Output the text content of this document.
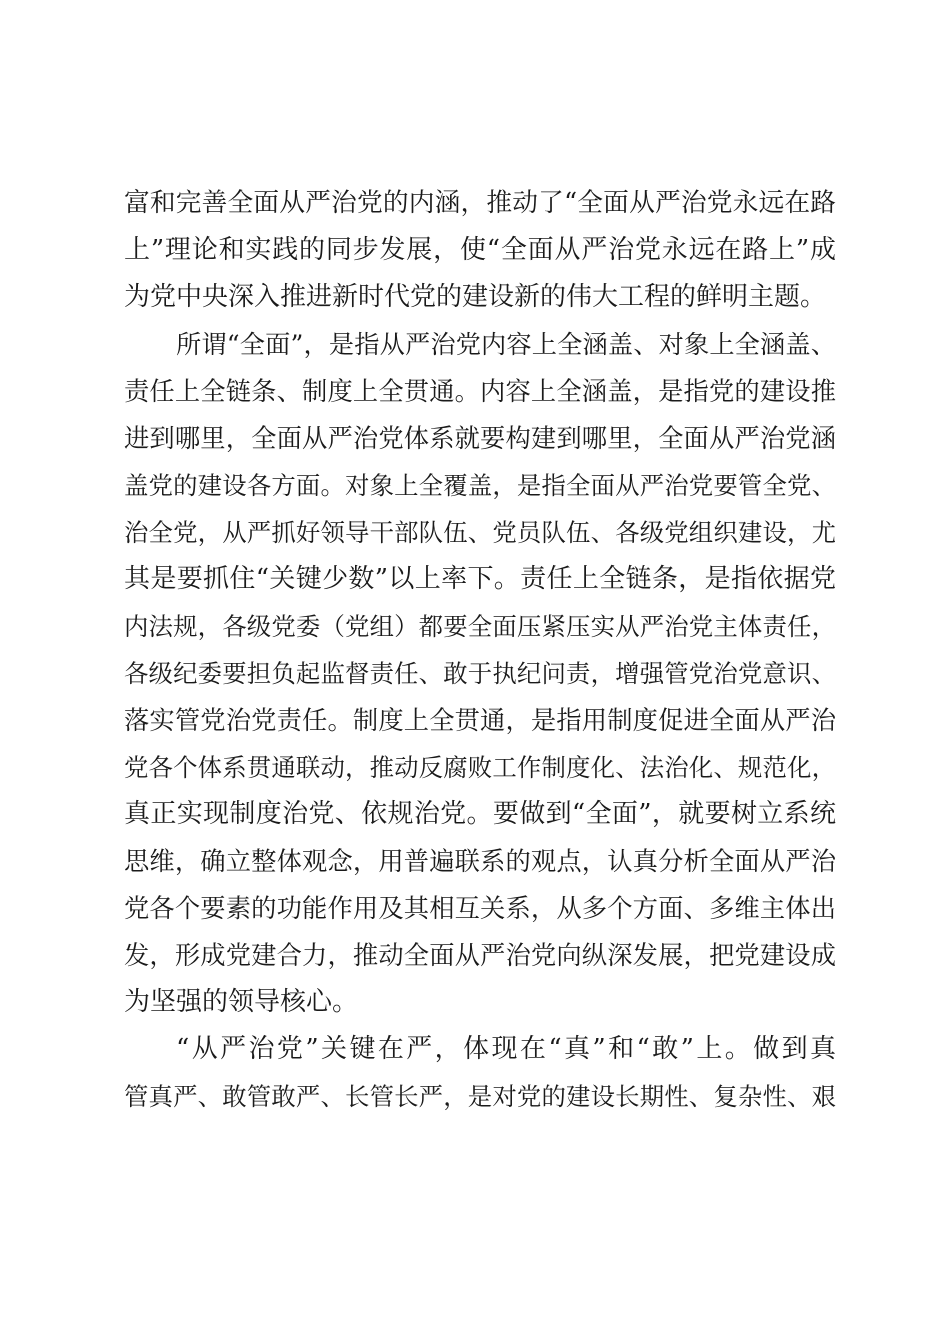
富和完善全面从严治党的内涵，推动了“全面从严治党永远在路
上”理论和实践的同步发展，使“全面从严治党永远在路上”成
为党中央深入推进新时代党的建设新的伟大工程的鲜明主题。
所谓“全面”，是指从严治党内容上全涵盖、对象上全涵盖、
责任上全链条、制度上全贯通。内容上全涵盖，是指党的建设推
进到哪里，全面从严治党体系就要构建到哪里，全面从严治党涵
盖党的建设各方面。对象上全覆盖，是指全面从严治党要管全党、
治全党，从严抓好领导干部队伍、党员队伍、各级党组织建设，尤
其是要抓住“关键少数”以上率下。责任上全链条，是指依据党
内法规，各级党委（党组）都要全面压紧压实从严治党主体责任，
各级纪委要担负起监督责任、敢于执纪问责，增强管党治党意识、
落实管党治党责任。制度上全贯通，是指用制度促进全面从严治
党各个体系贯通联动，推动反腐败工作制度化、法治化、规范化，
真正实现制度治党、依规治党。要做到“全面”，就要树立系统
思维，确立整体观念，用普遍联系的观点，认真分析全面从严治
党各个要素的功能作用及其相互关系，从多个方面、多维主体出
发，形成党建合力，推动全面从严治党向纵深发展，把党建设成
为坚强的领导核心。
“从严治党”关键在严，体现在“真”和“敢”上。做到真
管真严、敢管敢严、长管长严，是对党的建设长期性、复杂性、艰
